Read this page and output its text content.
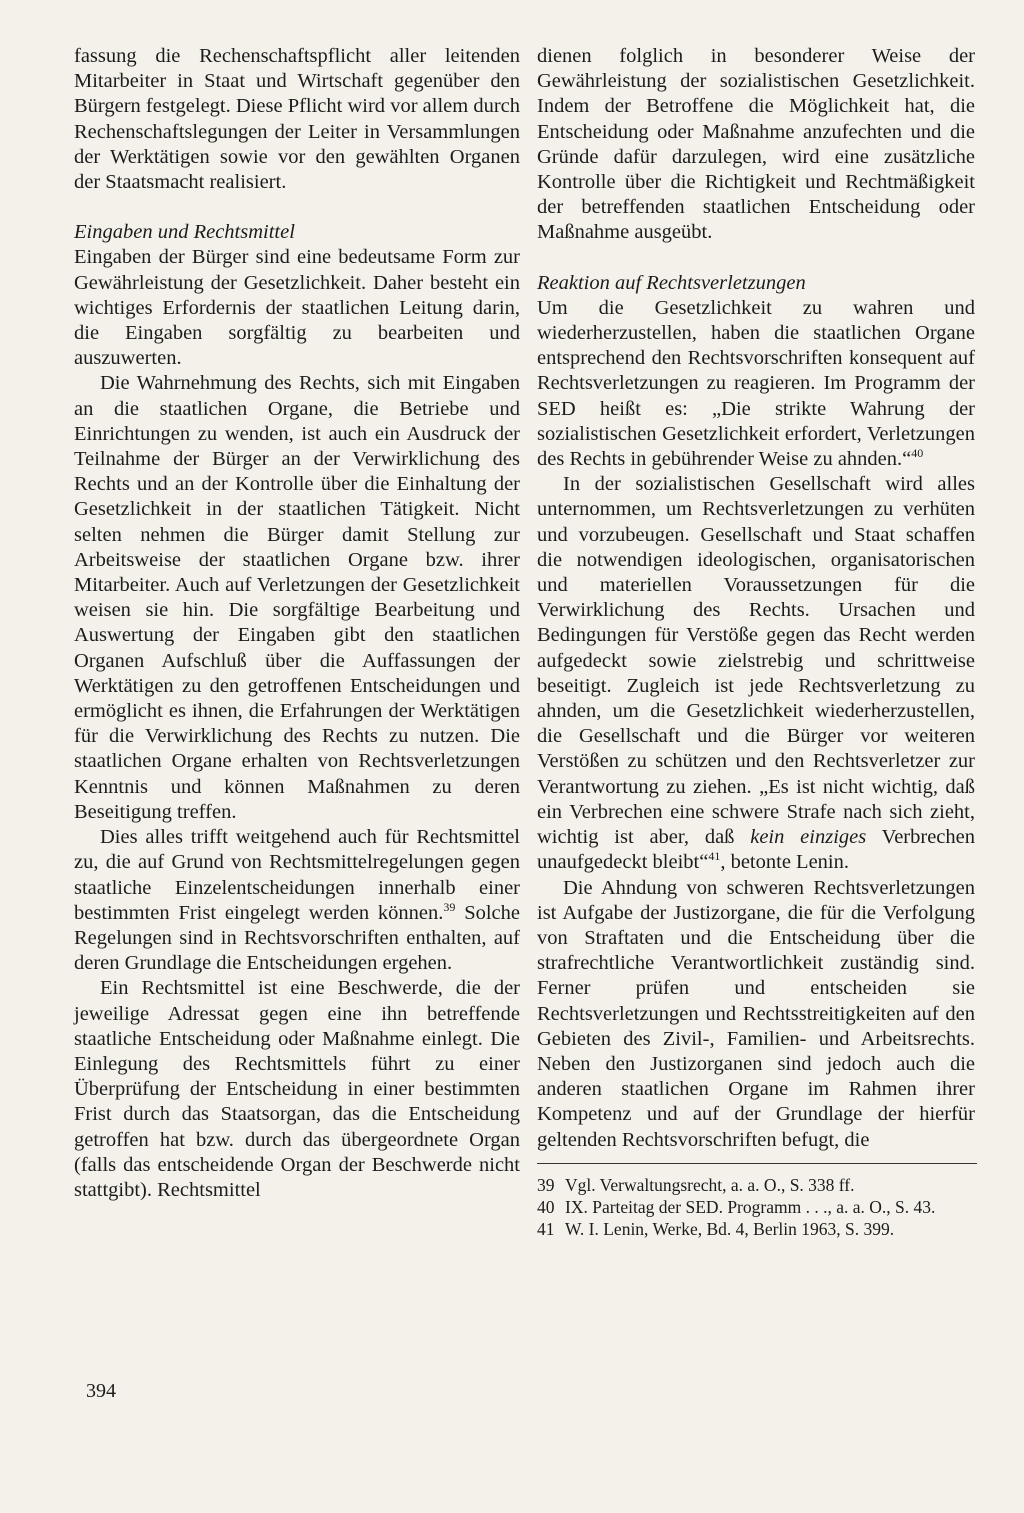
fassung die Rechenschaftspflicht aller leitenden Mitarbeiter in Staat und Wirtschaft gegenüber den Bürgern festgelegt. Diese Pflicht wird vor allem durch Rechenschaftslegungen der Leiter in Versammlungen der Werktätigen sowie vor den gewählten Organen der Staatsmacht realisiert.

Eingaben und Rechtsmittel

Eingaben der Bürger sind eine bedeutsame Form zur Gewährleistung der Gesetzlichkeit. Daher besteht ein wichtiges Erfordernis der staatlichen Leitung darin, die Eingaben sorgfältig zu bearbeiten und auszuwerten.

Die Wahrnehmung des Rechts, sich mit Eingaben an die staatlichen Organe, die Betriebe und Einrichtungen zu wenden, ist auch ein Ausdruck der Teilnahme der Bürger an der Verwirklichung des Rechts und an der Kontrolle über die Einhaltung der Gesetzlichkeit in der staatlichen Tätigkeit. Nicht selten nehmen die Bürger damit Stellung zur Arbeitsweise der staatlichen Organe bzw. ihrer Mitarbeiter. Auch auf Verletzungen der Gesetzlichkeit weisen sie hin. Die sorgfältige Bearbeitung und Auswertung der Eingaben gibt den staatlichen Organen Aufschluß über die Auffassungen der Werktätigen zu den getroffenen Entscheidungen und ermöglicht es ihnen, die Erfahrungen der Werktätigen für die Verwirklichung des Rechts zu nutzen. Die staatlichen Organe erhalten von Rechtsverletzungen Kenntnis und können Maßnahmen zu deren Beseitigung treffen.

Dies alles trifft weitgehend auch für Rechtsmittel zu, die auf Grund von Rechtsmittelregelungen gegen staatliche Einzelentscheidungen innerhalb einer bestimmten Frist eingelegt werden können.$^{39}$ Solche Regelungen sind in Rechtsvorschriften enthalten, auf deren Grundlage die Entscheidungen ergehen.

Ein Rechtsmittel ist eine Beschwerde, die der jeweilige Adressat gegen eine ihn betreffende staatliche Entscheidung oder Maßnahme einlegt. Die Einlegung des Rechtsmittels führt zu einer Überprüfung der Entscheidung in einer bestimmten Frist durch das Staatsorgan, das die Entscheidung getroffen hat bzw. durch das übergeordnete Organ (falls das entscheidende Organ der Beschwerde nicht stattgibt). Rechtsmittel

dienen folglich in besonderer Weise der Gewährleistung der sozialistischen Gesetzlichkeit. Indem der Betroffene die Möglichkeit hat, die Entscheidung oder Maßnahme anzufechten und die Gründe dafür darzulegen, wird eine zusätzliche Kontrolle über die Richtigkeit und Rechtmäßigkeit der betreffenden staatlichen Entscheidung oder Maßnahme ausgeübt.

Reaktion auf Rechtsverletzungen

Um die Gesetzlichkeit zu wahren und wiederherzustellen, haben die staatlichen Organe entsprechend den Rechtsvorschriften konsequent auf Rechtsverletzungen zu reagieren. Im Programm der SED heißt es: „Die strikte Wahrung der sozialistischen Gesetzlichkeit erfordert, Verletzungen des Rechts in gebührender Weise zu ahnden.“$^{40}$

In der sozialistischen Gesellschaft wird alles unternommen, um Rechtsverletzungen zu verhüten und vorzubeugen. Gesellschaft und Staat schaffen die notwendigen ideologischen, organisatorischen und materiellen Voraussetzungen für die Verwirklichung des Rechts. Ursachen und Bedingungen für Verstöße gegen das Recht werden aufgedeckt sowie zielstrebig und schrittweise beseitigt. Zugleich ist jede Rechtsverletzung zu ahnden, um die Gesetzlichkeit wiederherzustellen, die Gesellschaft und die Bürger vor weiteren Verstößen zu schützen und den Rechtsverletzer zur Verantwortung zu ziehen. „Es ist nicht wichtig, daß ein Verbrechen eine schwere Strafe nach sich zieht, wichtig ist aber, daß kein einziges Verbrechen unaufgedeckt bleibt“$^{41}$, betonte Lenin.

Die Ahndung von schweren Rechtsverletzungen ist Aufgabe der Justizorgane, die für die Verfolgung von Straftaten und die Entscheidung über die strafrechtliche Verantwortlichkeit zuständig sind. Ferner prüfen und entscheiden sie Rechtsverletzungen und Rechtsstreitigkeiten auf den Gebieten des Zivil-, Familien- und Arbeitsrechts. Neben den Justizorganen sind jedoch auch die anderen staatlichen Organe im Rahmen ihrer Kompetenz und auf der Grundlage der hierfür geltenden Rechtsvorschriften befugt, die

39 Vgl. Verwaltungsrecht, a. a. O., S. 338 ff.
40 IX. Parteitag der SED. Programm . . ., a. a. O., S. 43.
41 W. I. Lenin, Werke, Bd. 4, Berlin 1963, S. 399.
394
